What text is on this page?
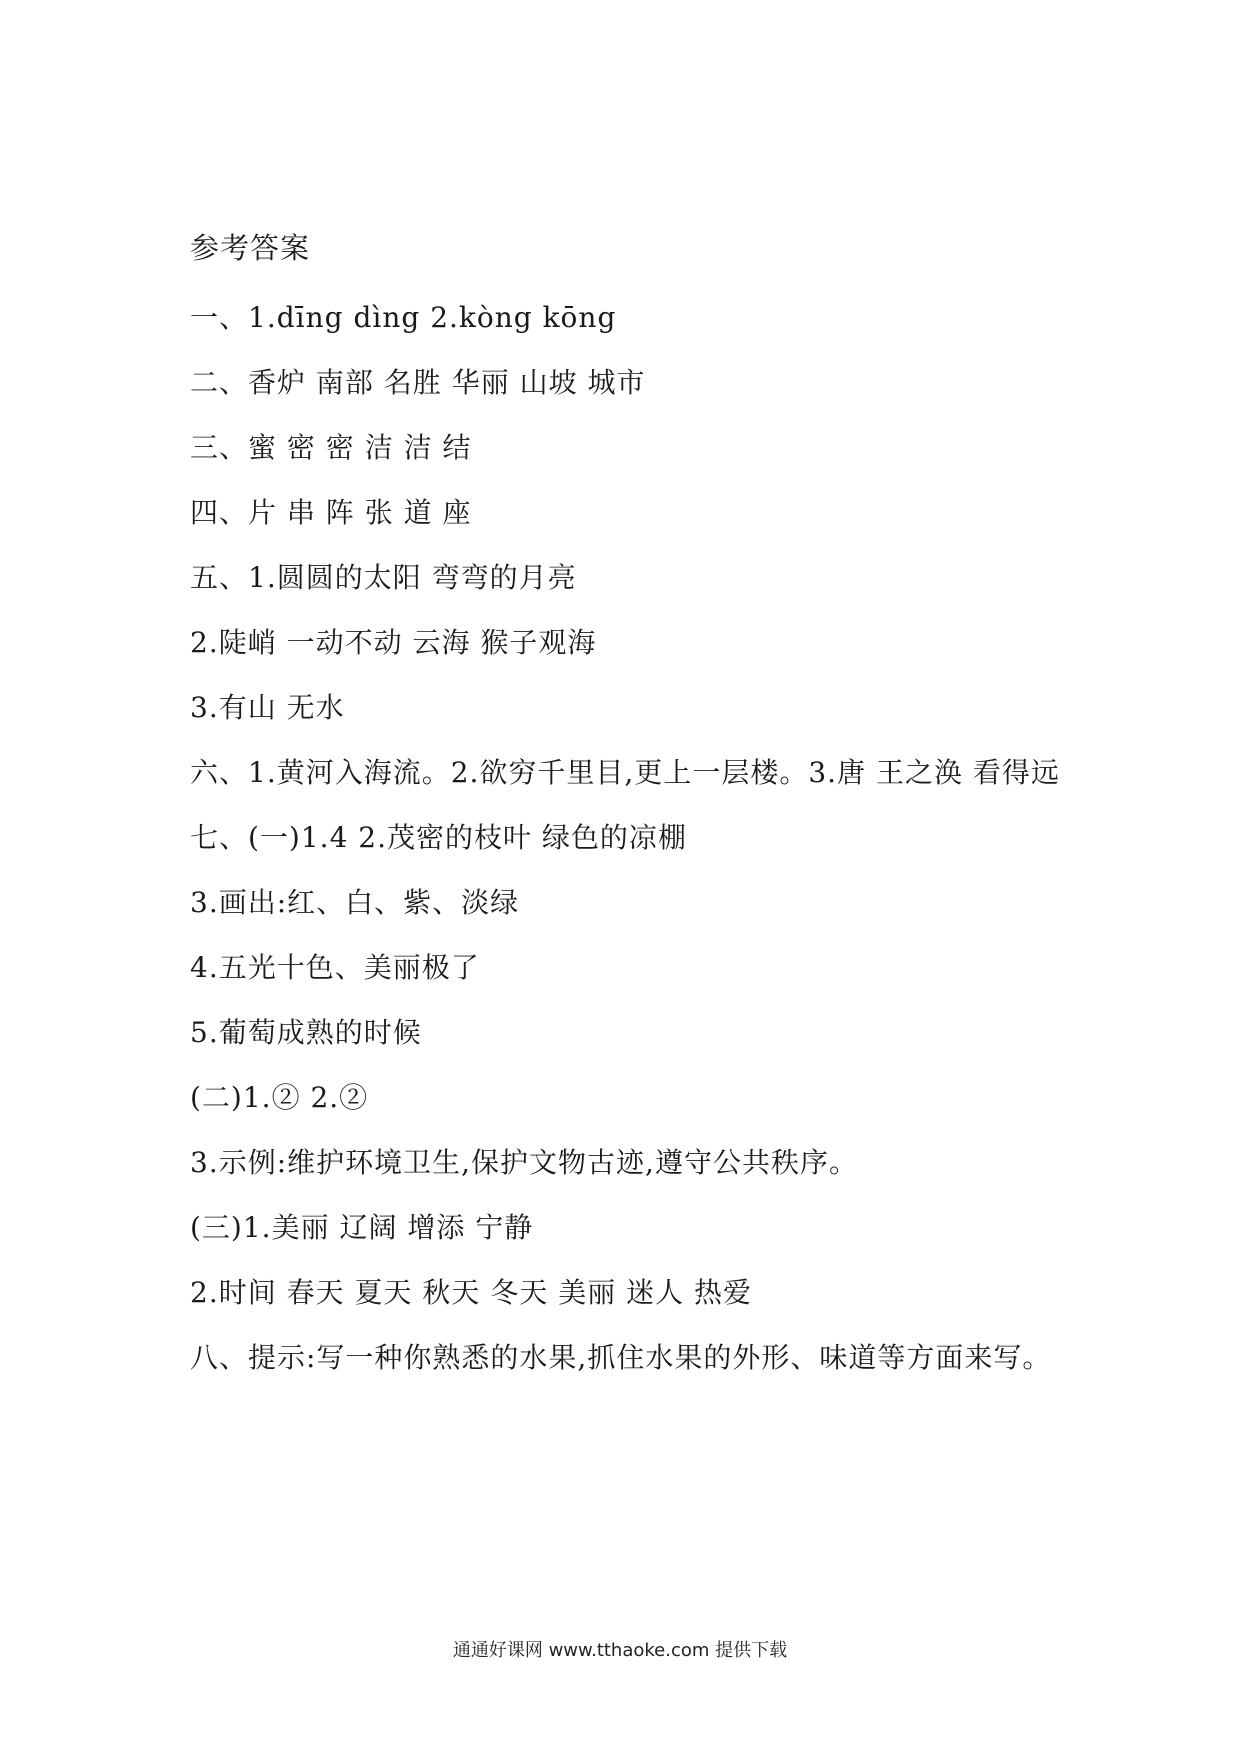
参考答案
一、1.dīng dìng 2.kòng kōng
二、香炉 南部 名胜 华丽 山坡 城市
三、蜜 密 密 洁 洁 结
四、片 串 阵 张 道 座
五、1.圆圆的太阳 弯弯的月亮
2.陡峭 一动不动 云海 猴子观海
3.有山 无水
六、1.黄河入海流。2.欲穷千里目,更上一层楼。3.唐 王之涣 看得远
七、(一)1.4 2.茂密的枝叶 绿色的凉棚
3.画出:红、白、紫、淡绿
4.五光十色、美丽极了
5.葡萄成熟的时候
(二)1.② 2.②
3.示例:维护环境卫生,保护文物古迹,遵守公共秩序。
(三)1.美丽 辽阔 增添 宁静
2.时间 春天 夏天 秋天 冬天 美丽 迷人 热爱
八、提示:写一种你熟悉的水果,抓住水果的外形、味道等方面来写。
通通好课网 www.tthaoke.com 提供下载
